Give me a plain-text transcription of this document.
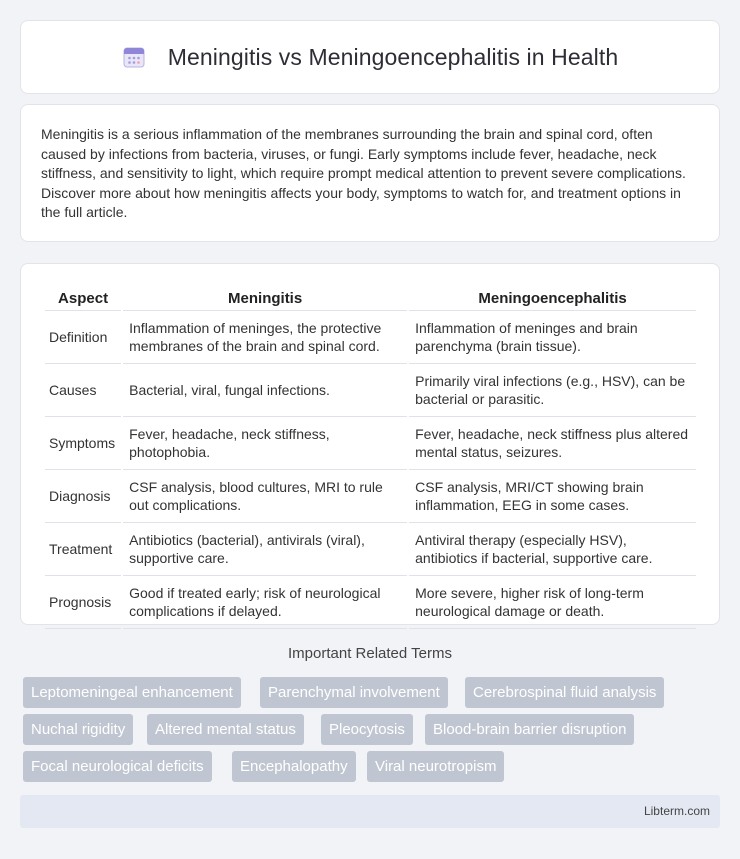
Meningitis vs Meningoencephalitis in Health

Meningitis is a serious inflammation of the membranes surrounding the brain and spinal cord, often caused by infections from bacteria, viruses, or fungi. Early symptoms include fever, headache, neck stiffness, and sensitivity to light, which require prompt medical attention to prevent severe complications. Discover more about how meningitis affects your body, symptoms to watch for, and treatment options in the full article.

Aspect	Meningitis	Meningoencephalitis
Definition	Inflammation of meninges, the protective membranes of the brain and spinal cord.	Inflammation of meninges and brain parenchyma (brain tissue).
Causes	Bacterial, viral, fungal infections.	Primarily viral infections (e.g., HSV), can be bacterial or parasitic.
Symptoms	Fever, headache, neck stiffness, photophobia.	Fever, headache, neck stiffness plus altered mental status, seizures.
Diagnosis	CSF analysis, blood cultures, MRI to rule out complications.	CSF analysis, MRI/CT showing brain inflammation, EEG in some cases.
Treatment	Antibiotics (bacterial), antivirals (viral), supportive care.	Antiviral therapy (especially HSV), antibiotics if bacterial, supportive care.
Prognosis	Good if treated early; risk of neurological complications if delayed.	More severe, higher risk of long-term neurological damage or death.
Important Related Terms
Leptomeningeal enhancement	Parenchymal involvement	Cerebrospinal fluid analysis
Nuchal rigidity	Altered mental status	Pleocytosis	Blood-brain barrier disruption
Focal neurological deficits	Encephalopathy	Viral neurotropism
Libterm.com
